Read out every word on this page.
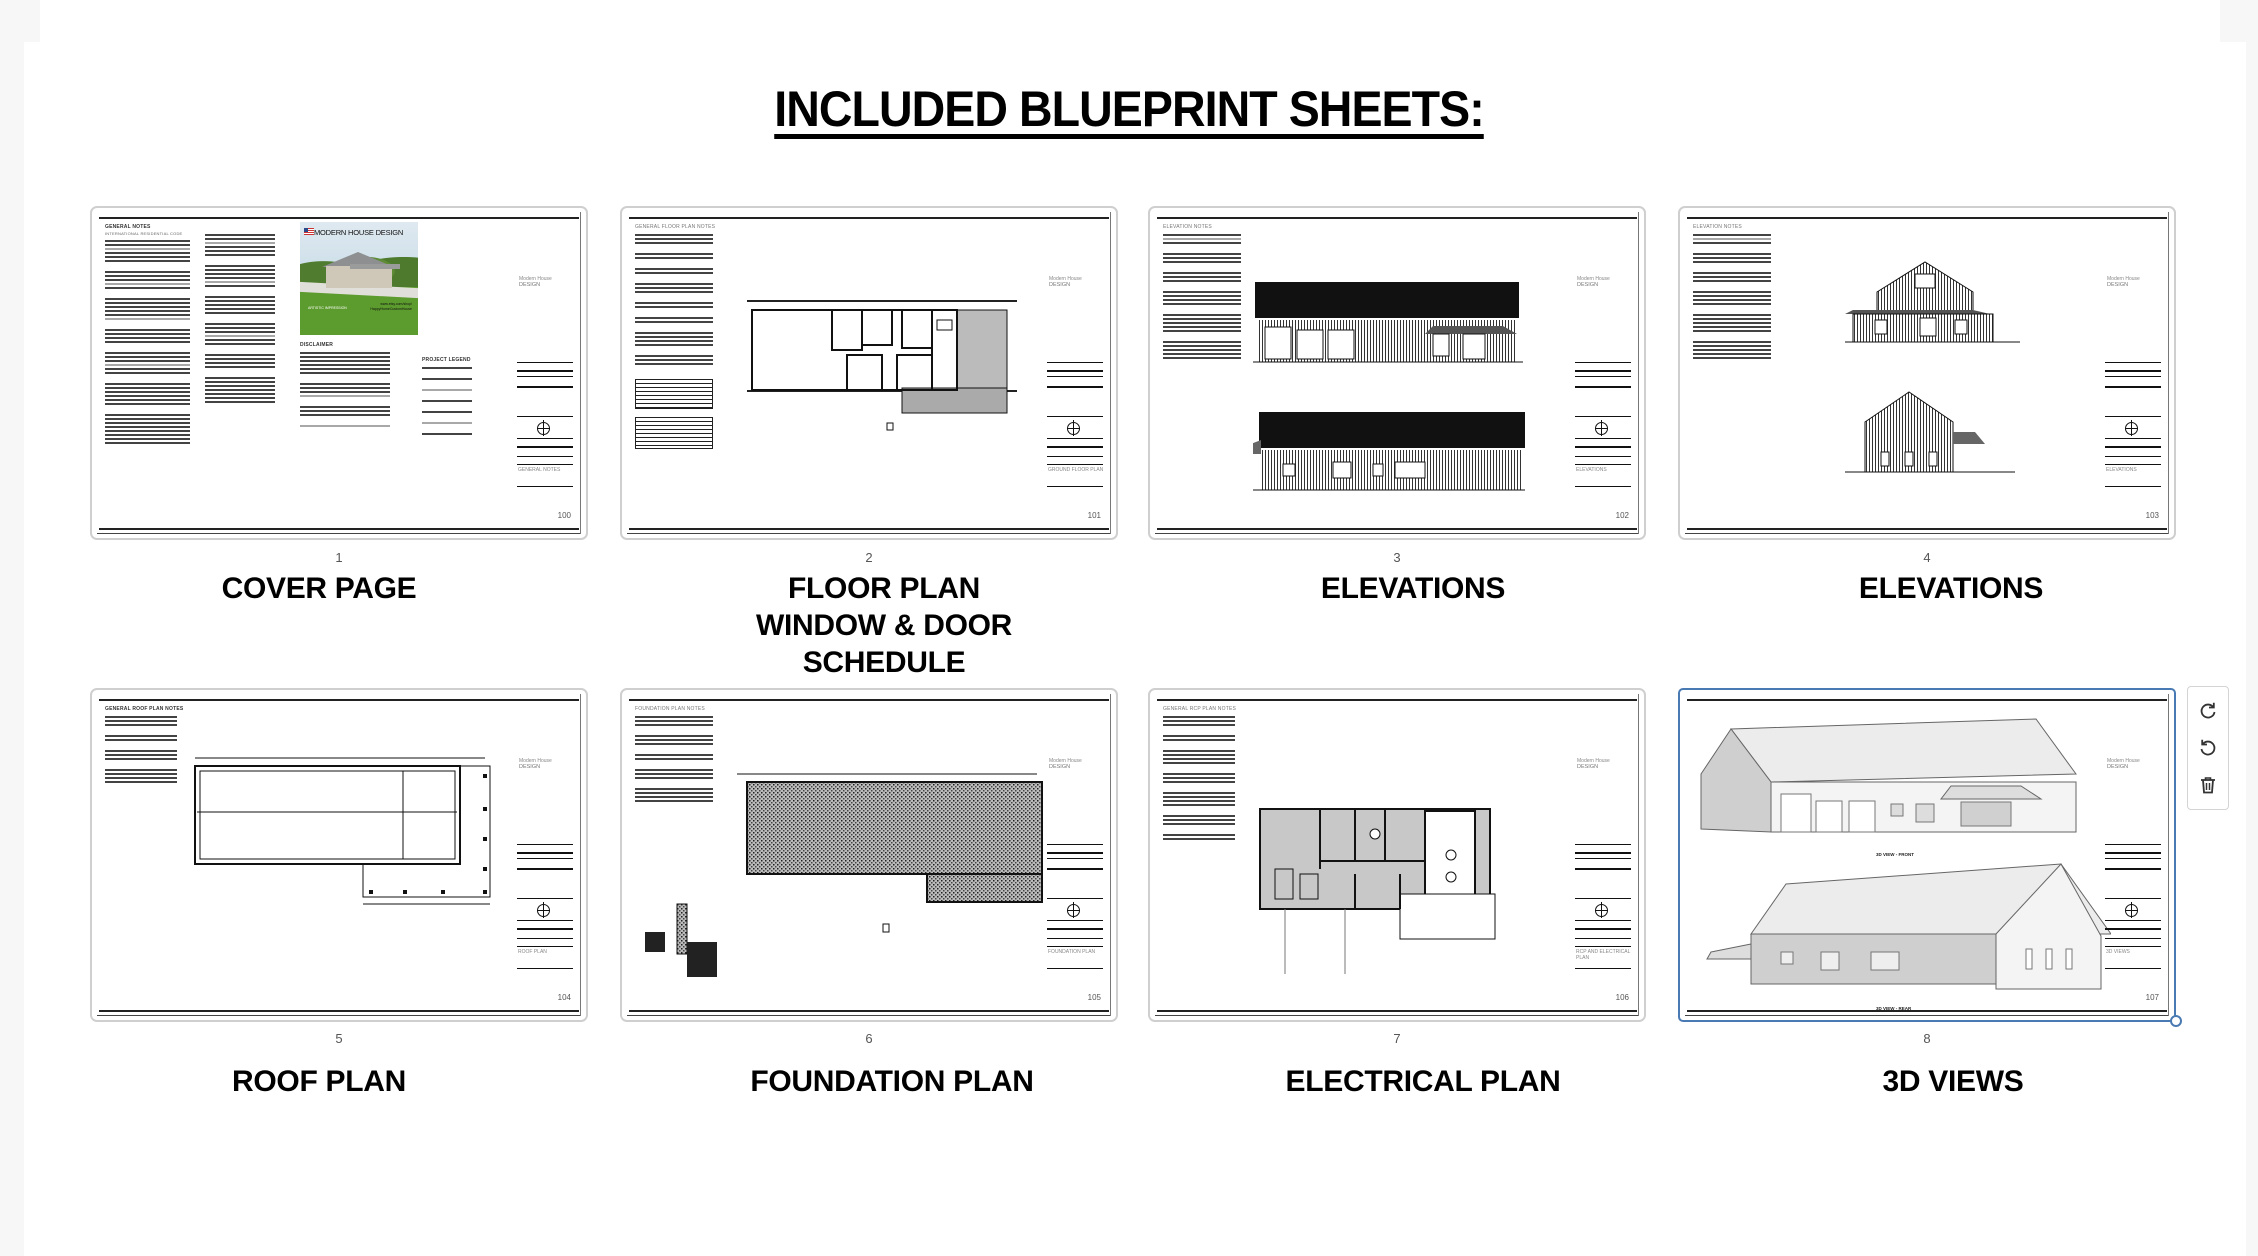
INCLUDED BLUEPRINT SHEETS:
GENERAL NOTES
INTERNATIONAL RESIDENTIAL CODE	MODERN HOUSE DESIGN
ARTISTIC IMPRESSION
www.etsy.com/shop/ HappyHomeCustomHouse
DISCLAIMER
PROJECT LEGEND
Modern House
DESIGN
GENERAL NOTES
100
GENERAL FLOOR PLAN NOTES
Modern House
DESIGN
GROUND FLOOR PLAN
101
ELEVATION NOTES
Modern House
DESIGN
ELEVATIONS
102
ELEVATION NOTES
Modern House
DESIGN
ELEVATIONS
103
1	2	3	4
COVER PAGE	FLOOR PLAN
WINDOW & DOOR
SCHEDULE
ELEVATIONS	ELEVATIONS
GENERAL ROOF PLAN NOTES
Modern House
DESIGN
ROOF PLAN
104
FOUNDATION PLAN NOTES
Modern House
DESIGN
FOUNDATION PLAN
105
GENERAL RCP PLAN NOTES
Modern House
DESIGN
RCP AND ELECTRICAL PLAN
106
3D VIEW - FRONT
3D VIEW - REAR
Modern House
DESIGN
3D VIEWS
107
5	6	7	8
ROOF PLAN	FOUNDATION PLAN	ELECTRICAL PLAN	3D VIEWS
